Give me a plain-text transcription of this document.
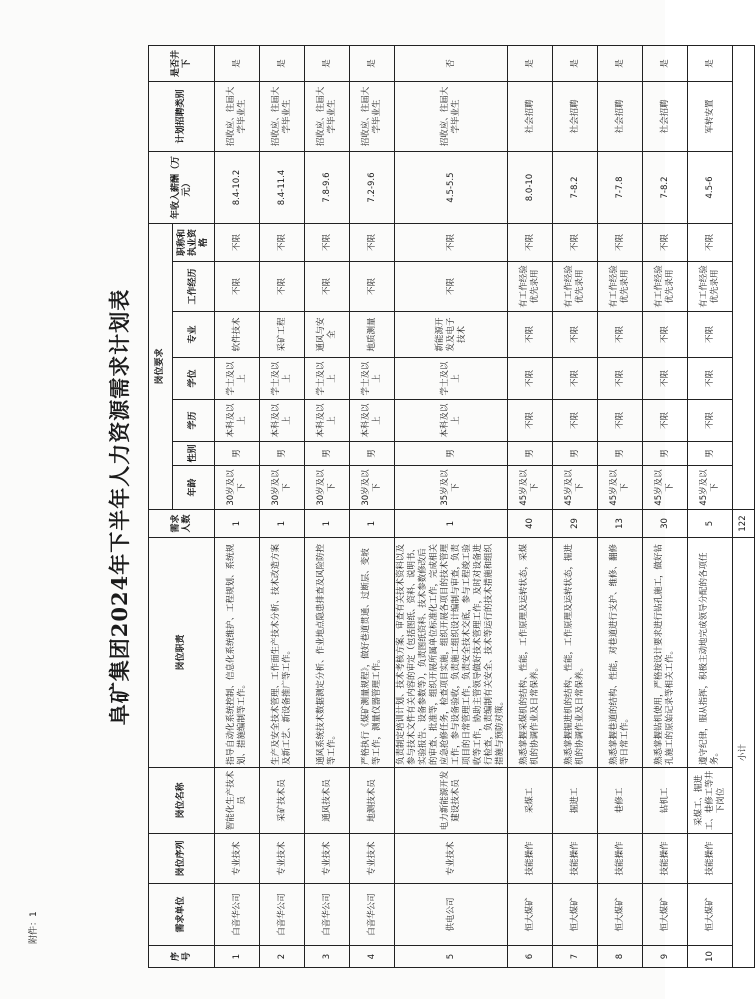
附件：1
阜矿集团2024年下半年人力资源需求计划表
序号	需求单位	岗位序列	岗位名称	岗位职责	需求人数	岗位要求							年收入薪酬（万元）	计划招聘类别	是否井下
						年龄	性别	学历	学位	专业	工作经历	职称和执业资格			
1	白音华公司	专业技术	智能化生产技术员	指导自动化系统控制、信息化系统维护、工程规划、系统规划、措施编制等工作。	1	30岁及以下	男	本科及以上	学士及以上	软件技术	不限	不限	8.4-10.2	招收应、往届大学毕业生	是
2	白音华公司	专业技术	采矿技术员	生产及安全技术管理、工作面生产技术分析、技术改造方案及新工艺、新设备推广等工作。	1	30岁及以下	男	本科及以上	学士及以上	采矿工程	不限	不限	8.4-11.4	招收应、往届大学毕业生	是
3	白音华公司	专业技术	通风技术员	通风系统技术数据测定分析、作业地点隐患排查及风险防控等工作。	1	30岁及以下	男	本科及以上	学士及以上	通风与安全	不限	不限	7.8-9.6	招收应、往届大学毕业生	是
4	白音华公司	专业技术	地测技术员	严格执行《煤矿测量规程》，做好巷道贯通、过断层、变坡等工作，测量仪器管理工作。	1	30岁及以下	男	本科及以上	学士及以上	地质测量	不限	不限	7.2-9.6	招收应、往届大学毕业生	是
5	供电公司	专业技术	电力新能源开发建设技术员	负责制定培训计划、技术考核方案、审查有关技术资料以及参与技术文件有关内容的审定（包括图纸、资料、说明书、实验报告、设备参数等），负责图纸资料、技术参数修改后的审查、批准等，组织开展所属单位标准化工作，完成相关应急抢修任务，检查项目实施，组织开展各项目的技术管理工作，参与设备验收，负责施工组织设计编制与审查，负责项目的日常管理工作，负责安全技术交底，参与工程竣工验收等工作，协助主管领导做好技术管理工作，及时对设备进行检查，负责编制有关安全、技术等运行的技术措施和组织措施与预防对策。	1	35岁及以下	男	本科及以上	学士及以上	新能源开发及电子技术	不限	不限	4.5-5.5	招收应、往届大学毕业生	否
6	恒大煤矿	技能操作	采煤工	熟悉掌握采煤机的结构、性能，工作原理及运转状态，采煤机的协调作业及日常保养。	40	45岁及以下	男	不限	不限	不限	有工作经验优先录用	不限	8.0-10	社会招聘	是
7	恒大煤矿	技能操作	掘进工	熟悉掌握掘进机的结构、性能，工作原理及运转状态，掘进机的协调作业及日常保养。	29	45岁及以下	男	不限	不限	不限	有工作经验优先录用	不限	7-8.2	社会招聘	是
8	恒大煤矿	技能操作	巷修工	熟悉掌握巷道的结构、性能，对巷道进行支护、维修、翻修等日常工作。	13	45岁及以下	男	不限	不限	不限	有工作经验优先录用	不限	7-7.8	社会招聘	是
9	恒大煤矿	技能操作	钻机工	熟悉掌握钻机使用，严格按设计要求进行钻孔施工，做好钻孔施工的原始记录等相关工作。	30	45岁及以下	男	不限	不限	不限	有工作经验优先录用	不限	7-8.2	社会招聘	是
10	恒大煤矿	技能操作	采煤工、掘进工、巷修工等井下岗位	遵守纪律，服从指挥，积极主动地完成领导分配的各项任务。	5	45岁及以下	男	不限	不限	不限	有工作经验优先录用	不限	4.5-6	军转安置	是
小计					122										
